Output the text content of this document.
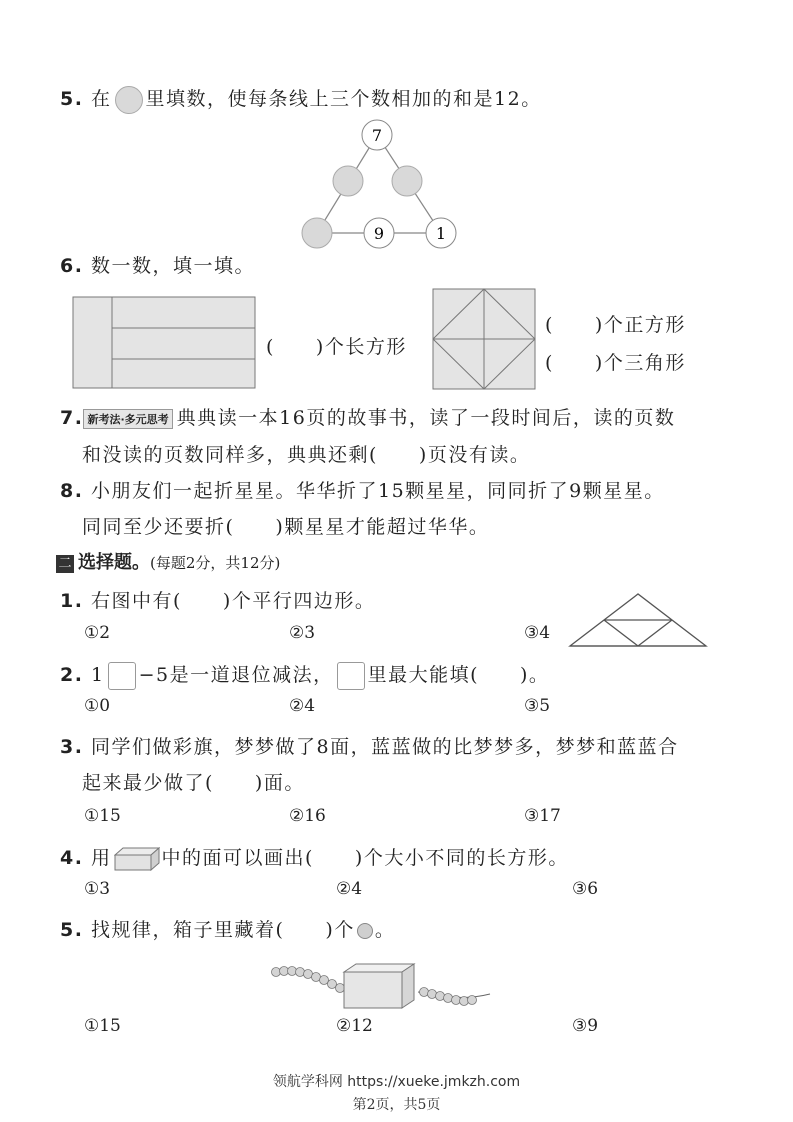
5. 在 里填数，使每条线上三个数相加的和是12。
7
9	1
6. 数一数，填一填。
(　　)个长方形
(　　)个正方形
(　　)个三角形
7. 新考法·多元思考 典典读一本16页的故事书，读了一段时间后，读的页数
和没读的页数同样多，典典还剩(　　)页没有读。
8. 小朋友们一起折星星。华华折了15颗星星，同同折了9颗星星。
同同至少还要折(　　)颗星星才能超过华华。
二 选择题。(每题2分，共12分)
1. 右图中有(　　)个平行四边形。
①2	②3	③4
2. 1 −5是一道退位减法， 里最大能填(　　)。
①0	②4	③5
3. 同学们做彩旗，梦梦做了8面，蓝蓝做的比梦梦多，梦梦和蓝蓝合
起来最少做了(　　)面。
①15	②16	③17
4. 用	中的面可以画出(　　)个大小不同的长方形。
①3	②4	③6
5. 找规律，箱子里藏着(　　)个 。
①15	②12	③9
领航学科网 https://xueke.jmkzh.com
第2页，共5页
